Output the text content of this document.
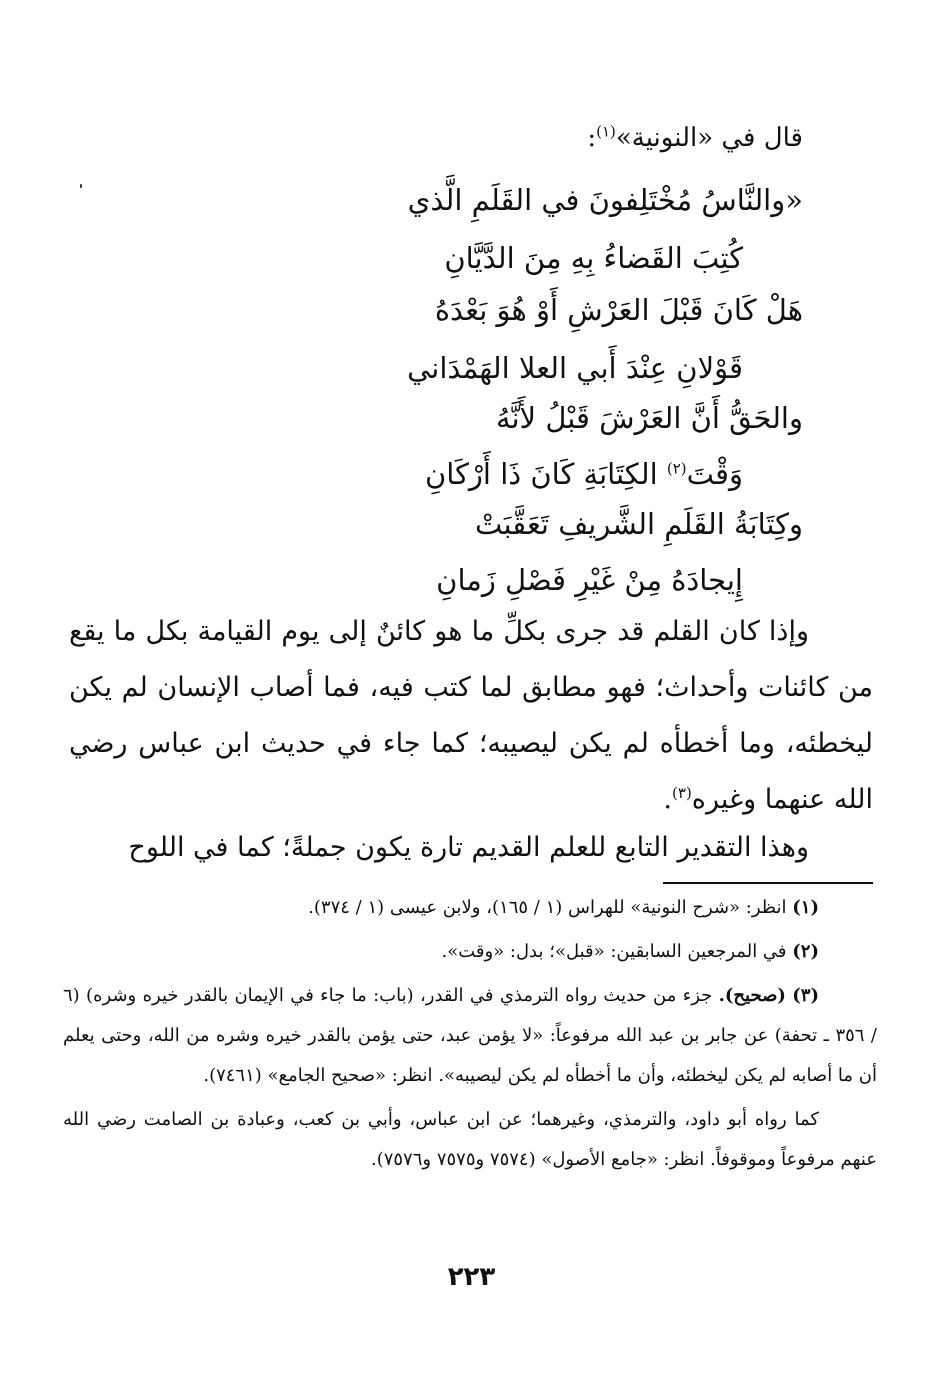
قال في «النونية»$^{(١)}$:
«والنَّاسُ مُخْتَلِفونَ في القَلَمِ الَّذي
كُتِبَ القَضاءُ بِهِ مِنَ الدَّيَّانِ
هَلْ كَانَ قَبْلَ العَرْشِ أَوْ هُوَ بَعْدَهُ
قَوْلانِ عِنْدَ أَبي العلا الهَمْدَاني
والحَقُّ أَنَّ العَرْشَ قَبْلُ لأَنَّهُ
وَقْتَ$^{(٢)}$ الكِتَابَةِ كَانَ ذَا أَرْكَانِ
وكِتَابَةُ القَلَمِ الشَّريفِ تَعَقَّبَتْ
إِيجادَهُ مِنْ غَيْرِ فَصْلِ زَمانِ
وإذا كان القلم قد جرى بكلِّ ما هو كائنٌ إلى يوم القيامة بكل ما يقع من كائنات وأحداث؛ فهو مطابق لما كتب فيه، فما أصاب الإنسان لم يكن ليخطئه، وما أخطأه لم يكن ليصيبه؛ كما جاء في حديث ابن عباس رضي الله عنهما وغيره$^{(٣)}$.
وهذا التقدير التابع للعلم القديم تارة يكون جملةً؛ كما في اللوح

(١) انظر: «شرح النونية» للهراس (١ / ١٦٥)، ولابن عيسى (١ / ٣٧٤).

(٢) في المرجعين السابقين: «قبل»؛ بدل: «وقت».

(٣) (صحيح). جزء من حديث رواه الترمذي في القدر، (باب: ما جاء في الإيمان بالقدر خيره وشره) (٦ / ٣٥٦ ـ تحفة) عن جابر بن عبد الله مرفوعاً: «لا يؤمن عبد، حتى يؤمن بالقدر خيره وشره من الله، وحتى يعلم أن ما أصابه لم يكن ليخطئه، وأن ما أخطأه لم يكن ليصيبه». انظر: «صحيح الجامع» (٧٤٦١).

كما رواه أبو داود، والترمذي، وغيرهما؛ عن ابن عباس، وأبي بن كعب، وعبادة بن الصامت رضي الله عنهم مرفوعاً وموقوفاً. انظر: «جامع الأصول» (٧٥٧٤ و٧٥٧٥ و٧٥٧٦).

٢٢٣
